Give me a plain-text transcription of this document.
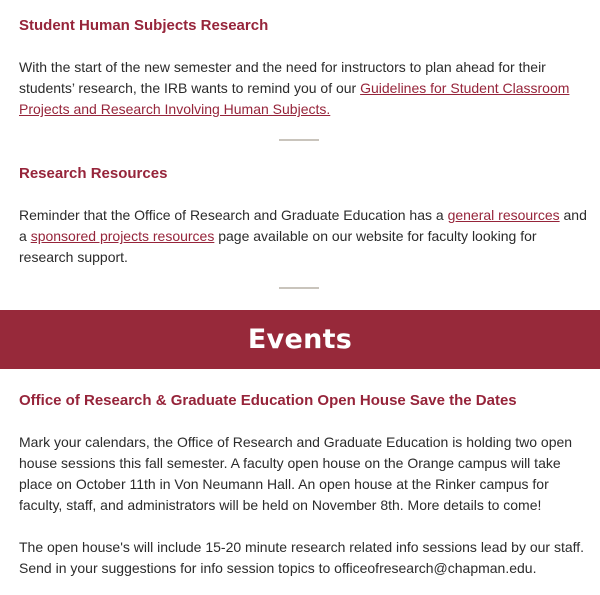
Student Human Subjects Research

With the start of the new semester and the need for instructors to plan ahead for their students’ research, the IRB wants to remind you of our Guidelines for Student Classroom Projects and Research Involving Human Subjects.

Research Resources

Reminder that the Office of Research and Graduate Education has a general resources and a sponsored projects resources page available on our website for faculty looking for research support.

Events
Office of Research & Graduate Education Open House Save the Dates

Mark your calendars, the Office of Research and Graduate Education is holding two open house sessions this fall semester. A faculty open house on the Orange campus will take place on October 11th in Von Neumann Hall. An open house at the Rinker campus for faculty, staff, and administrators will be held on November 8th. More details to come!

The open house's will include 15-20 minute research related info sessions lead by our staff. Send in your suggestions for info session topics to officeofresearch@chapman.edu.
